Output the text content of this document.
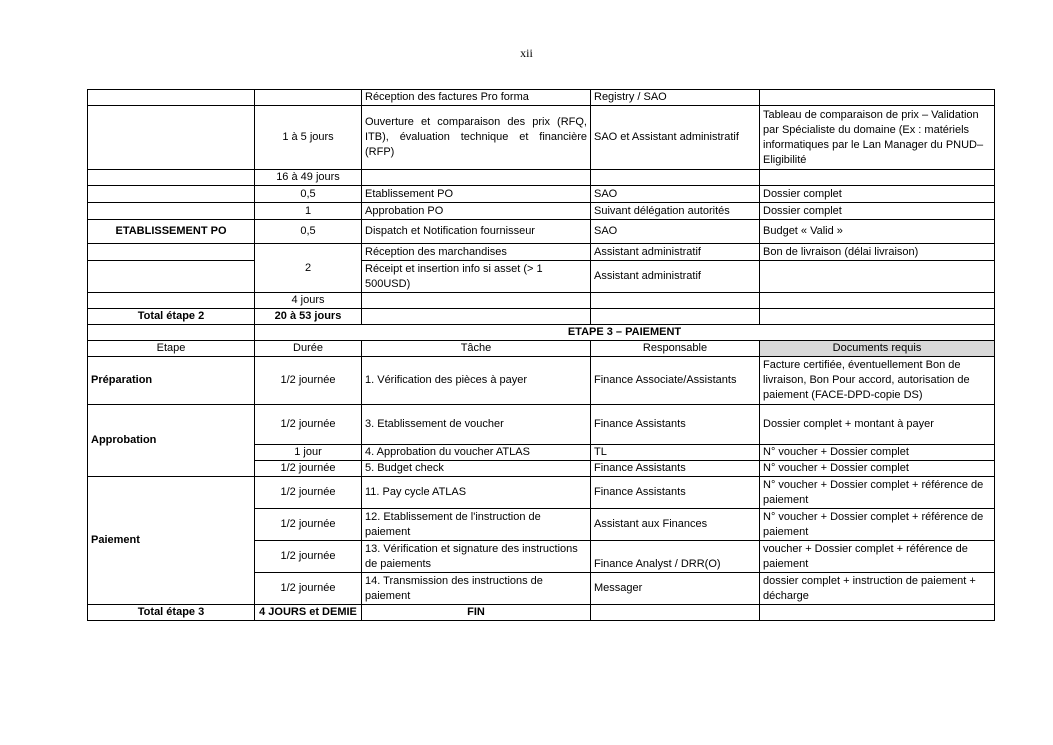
xii
		Réception des factures Pro forma	Registry / SAO	
	1 à 5 jours	Ouverture et comparaison des prix (RFQ, ITB), évaluation technique et financière (RFP)	SAO et Assistant administratif	Tableau de comparaison de prix – Validation par Spécialiste du domaine (Ex : matériels informatiques par le Lan Manager du PNUD– Eligibilité
	16 à 49 jours			
	0,5	Etablissement PO	SAO	Dossier complet
	1	Approbation PO	Suivant délégation autorités	Dossier complet
ETABLISSEMENT PO	0,5	Dispatch et Notification fournisseur	SAO	Budget « Valid »
	2	Réception des marchandises	Assistant administratif	Bon de livraison (délai livraison)
		Réceipt et insertion info si asset (> 1 500USD)	Assistant administratif	
	4 jours			
Total étape 2	20 à 53 jours			
	ETAPE 3 – PAIEMENT			
Etape	Durée	Tâche	Responsable	Documents requis
Préparation	1/2 journée	1. Vérification des pièces à payer	Finance Associate/Assistants	Facture certifiée, éventuellement Bon de livraison, Bon Pour accord, autorisation de paiement (FACE-DPD-copie DS)
Approbation	1/2 journée	3. Etablissement de voucher	Finance Assistants	Dossier complet + montant à payer
	1 jour	4. Approbation du voucher ATLAS	TL	N° voucher + Dossier complet
	1/2 journée	5. Budget check	Finance Assistants	N° voucher + Dossier complet
Paiement	1/2 journée	11. Pay cycle ATLAS	Finance Assistants	N° voucher + Dossier complet + référence de paiement
	1/2 journée	12. Etablissement de l'instruction de paiement	Assistant aux Finances	N° voucher + Dossier complet + référence de paiement
	1/2 journée	13. Vérification et signature des instructions de paiements	Finance Analyst / DRR(O)	voucher + Dossier complet + référence de paiement
	1/2 journée	14. Transmission des instructions de paiement	Messager	dossier complet + instruction de paiement + décharge
Total étape 3	4 JOURS et DEMIE	FIN		
